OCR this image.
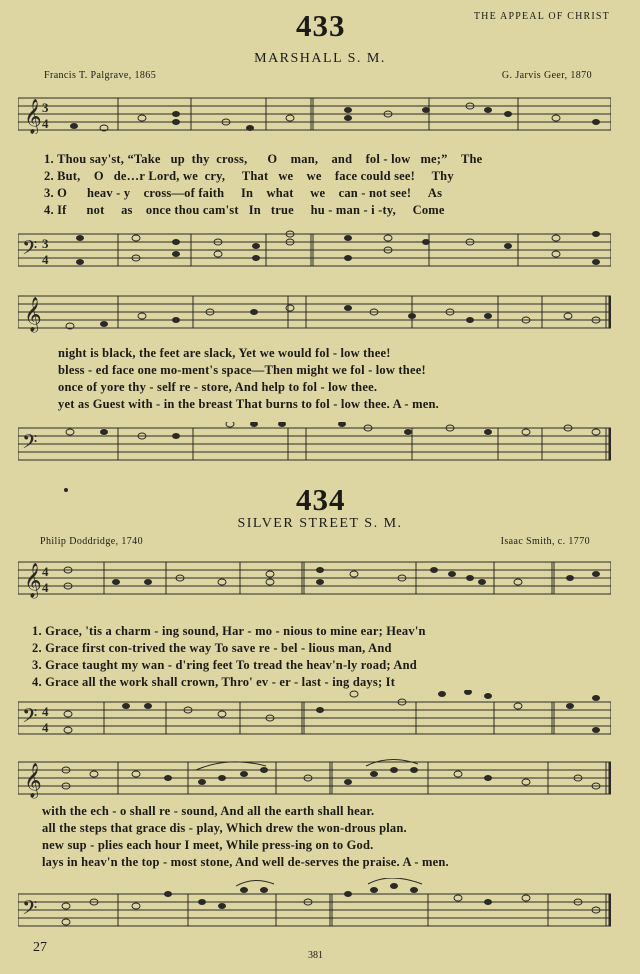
THE APPEAL OF CHRIST
433
MARSHALL S. M.
Francis T. Palgrave, 1865	G. Jarvis Geer, 1870
𝄞 3
4
1. Thou say'st, “Take up thy cross, O man, and fol - low me;” The
2. But, O de…r Lord, we cry, That we we face could see! Thy
3. O heav - y cross—of faith In what we can - not see! As
4. If not as once thou cam'st In true hu - man - i -ty, Come
𝄢 3
4
𝄞
night is black, the feet are slack, Yet we would fol - low thee!
bless - ed face one mo-ment's space—Then might we fol - low thee!
once of yore thy - self re - store, And help to fol - low thee.
yet as Guest with - in the breast That burns to fol - low thee. A - men.
𝄢
434
SILVER STREET S. M.
Philip Doddridge, 1740	Isaac Smith, c. 1770
𝄞 4
4
1. Grace, 'tis a charm - ing sound, Har - mo - nious to mine ear; Heav'n
2. Grace first con-trived the way To save re - bel - lious man, And
3. Grace taught my wan - d'ring feet To tread the heav'n-ly road; And
4. Grace all the work shall crown, Thro' ev - er - last - ing days; It
𝄢 4
4
𝄞
with the ech - o shall re - sound, And all the earth shall hear.
all the steps that grace dis - play, Which drew the won-drous plan.
new sup - plies each hour I meet, While press-ing on to God.
lays in heav'n the top - most stone, And well de-serves the praise. A - men.
𝄢
27
381
